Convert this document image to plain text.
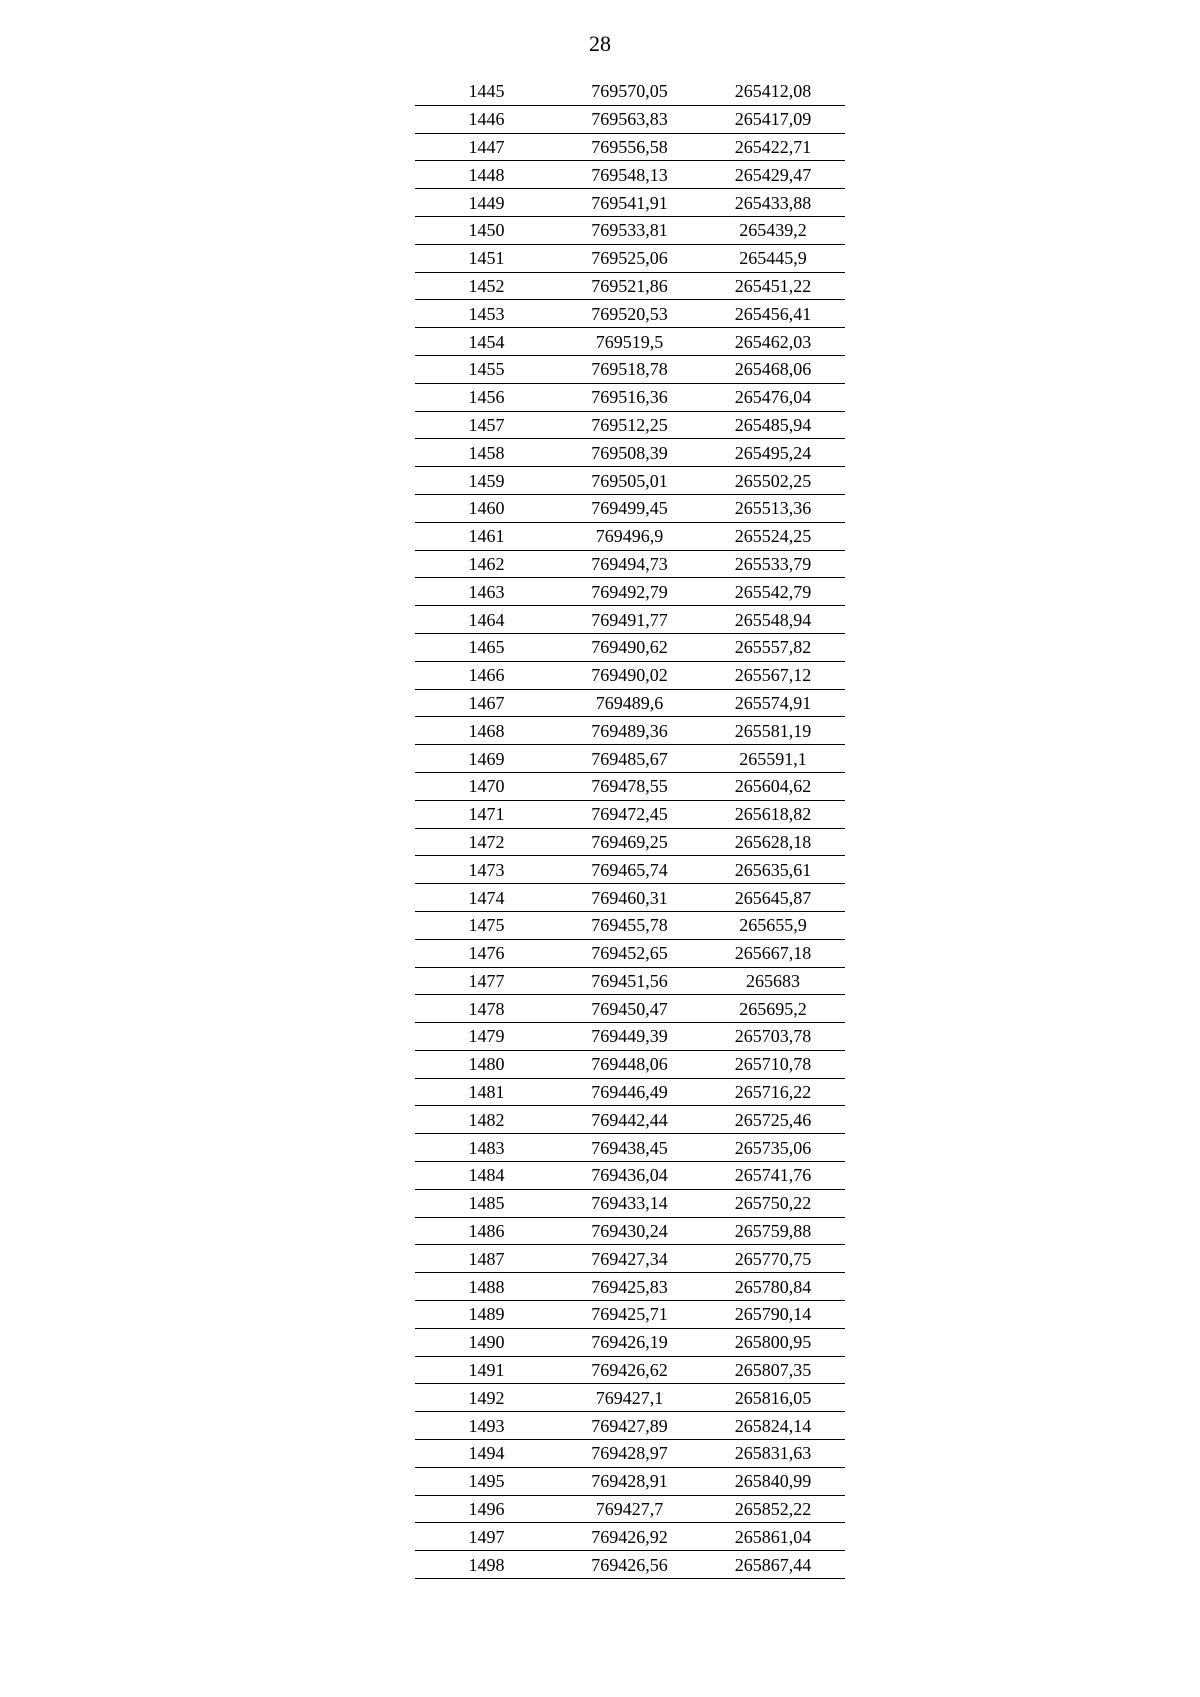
28
1445	769570,05	265412,08
1446	769563,83	265417,09
1447	769556,58	265422,71
1448	769548,13	265429,47
1449	769541,91	265433,88
1450	769533,81	265439,2
1451	769525,06	265445,9
1452	769521,86	265451,22
1453	769520,53	265456,41
1454	769519,5	265462,03
1455	769518,78	265468,06
1456	769516,36	265476,04
1457	769512,25	265485,94
1458	769508,39	265495,24
1459	769505,01	265502,25
1460	769499,45	265513,36
1461	769496,9	265524,25
1462	769494,73	265533,79
1463	769492,79	265542,79
1464	769491,77	265548,94
1465	769490,62	265557,82
1466	769490,02	265567,12
1467	769489,6	265574,91
1468	769489,36	265581,19
1469	769485,67	265591,1
1470	769478,55	265604,62
1471	769472,45	265618,82
1472	769469,25	265628,18
1473	769465,74	265635,61
1474	769460,31	265645,87
1475	769455,78	265655,9
1476	769452,65	265667,18
1477	769451,56	265683
1478	769450,47	265695,2
1479	769449,39	265703,78
1480	769448,06	265710,78
1481	769446,49	265716,22
1482	769442,44	265725,46
1483	769438,45	265735,06
1484	769436,04	265741,76
1485	769433,14	265750,22
1486	769430,24	265759,88
1487	769427,34	265770,75
1488	769425,83	265780,84
1489	769425,71	265790,14
1490	769426,19	265800,95
1491	769426,62	265807,35
1492	769427,1	265816,05
1493	769427,89	265824,14
1494	769428,97	265831,63
1495	769428,91	265840,99
1496	769427,7	265852,22
1497	769426,92	265861,04
1498	769426,56	265867,44
